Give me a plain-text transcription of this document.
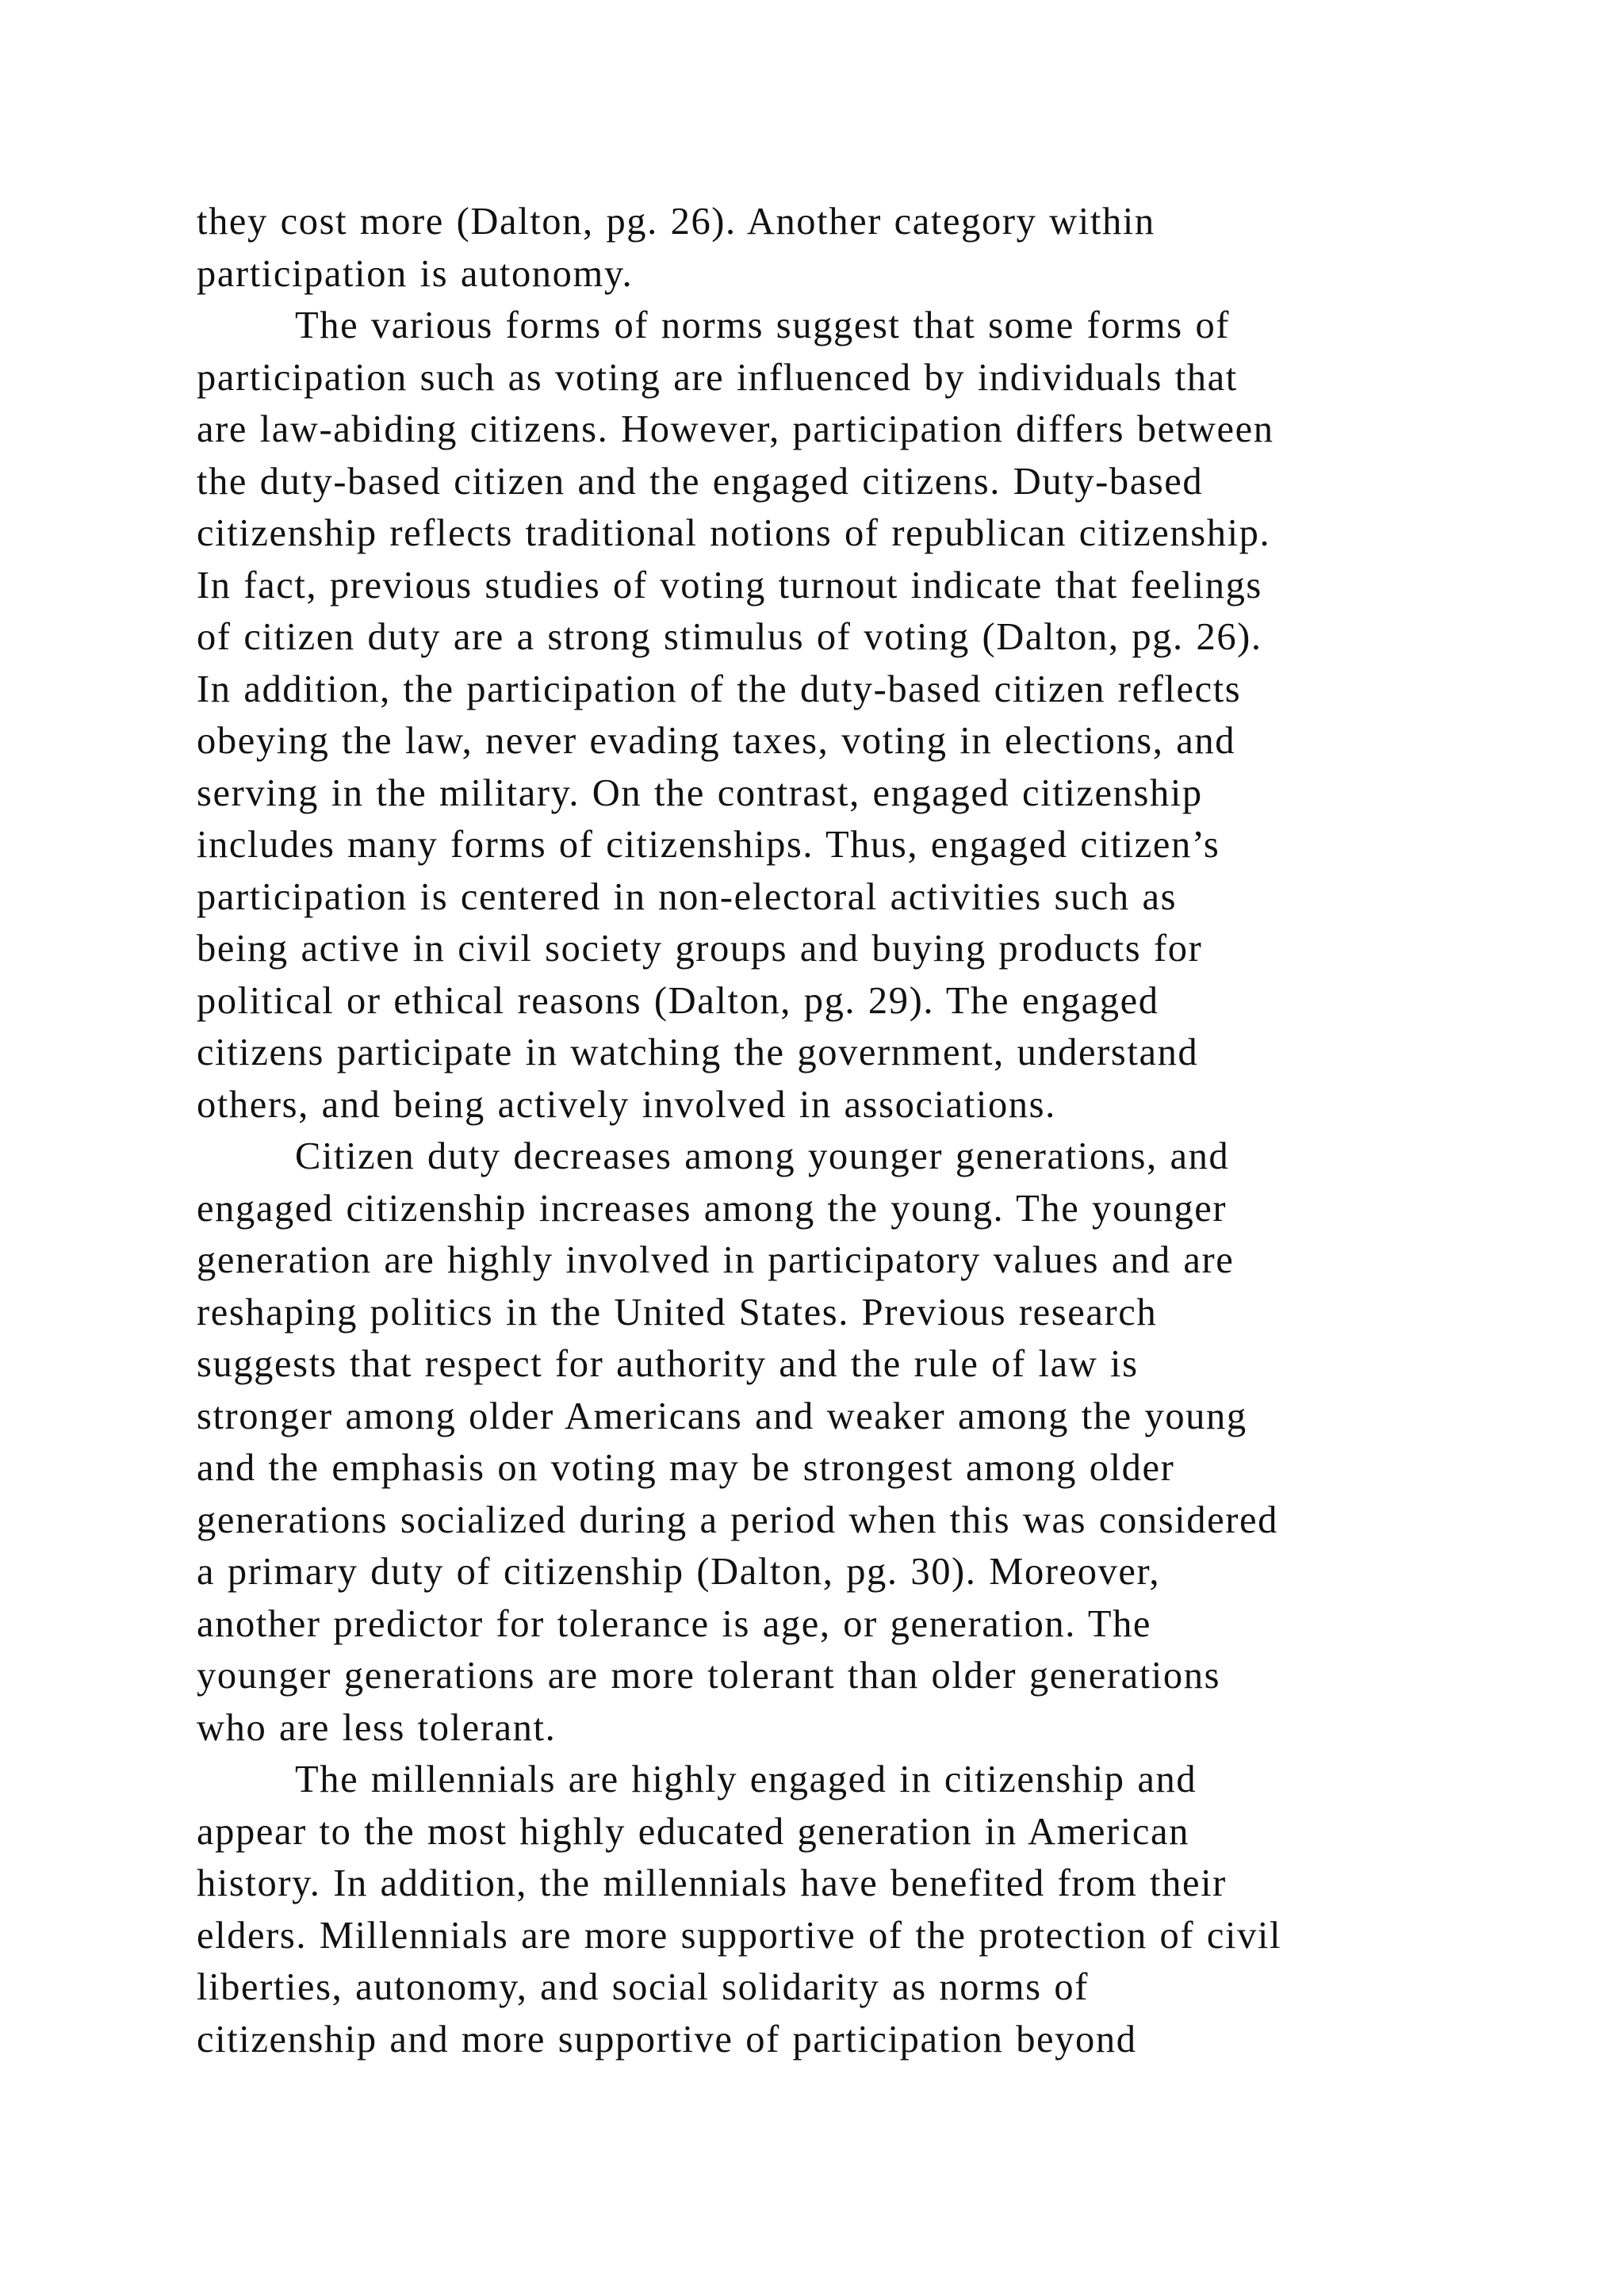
they cost more (Dalton, pg. 26). Another category within
participation is autonomy.
The various forms of norms suggest that some forms of
participation such as voting are influenced by individuals that
are law-abiding citizens. However, participation differs between
the duty-based citizen and the engaged citizens. Duty-based
citizenship reflects traditional notions of republican citizenship.
In fact, previous studies of voting turnout indicate that feelings
of citizen duty are a strong stimulus of voting (Dalton, pg. 26).
In addition, the participation of the duty-based citizen reflects
obeying the law, never evading taxes, voting in elections, and
serving in the military. On the contrast, engaged citizenship
includes many forms of citizenships. Thus, engaged citizen’s
participation is centered in non-electoral activities such as
being active in civil society groups and buying products for
political or ethical reasons (Dalton, pg. 29). The engaged
citizens participate in watching the government, understand
others, and being actively involved in associations.
Citizen duty decreases among younger generations, and
engaged citizenship increases among the young. The younger
generation are highly involved in participatory values and are
reshaping politics in the United States. Previous research
suggests that respect for authority and the rule of law is
stronger among older Americans and weaker among the young
and the emphasis on voting may be strongest among older
generations socialized during a period when this was considered
a primary duty of citizenship (Dalton, pg. 30). Moreover,
another predictor for tolerance is age, or generation. The
younger generations are more tolerant than older generations
who are less tolerant.
The millennials are highly engaged in citizenship and
appear to the most highly educated generation in American
history. In addition, the millennials have benefited from their
elders. Millennials are more supportive of the protection of civil
liberties, autonomy, and social solidarity as norms of
citizenship and more supportive of participation beyond
